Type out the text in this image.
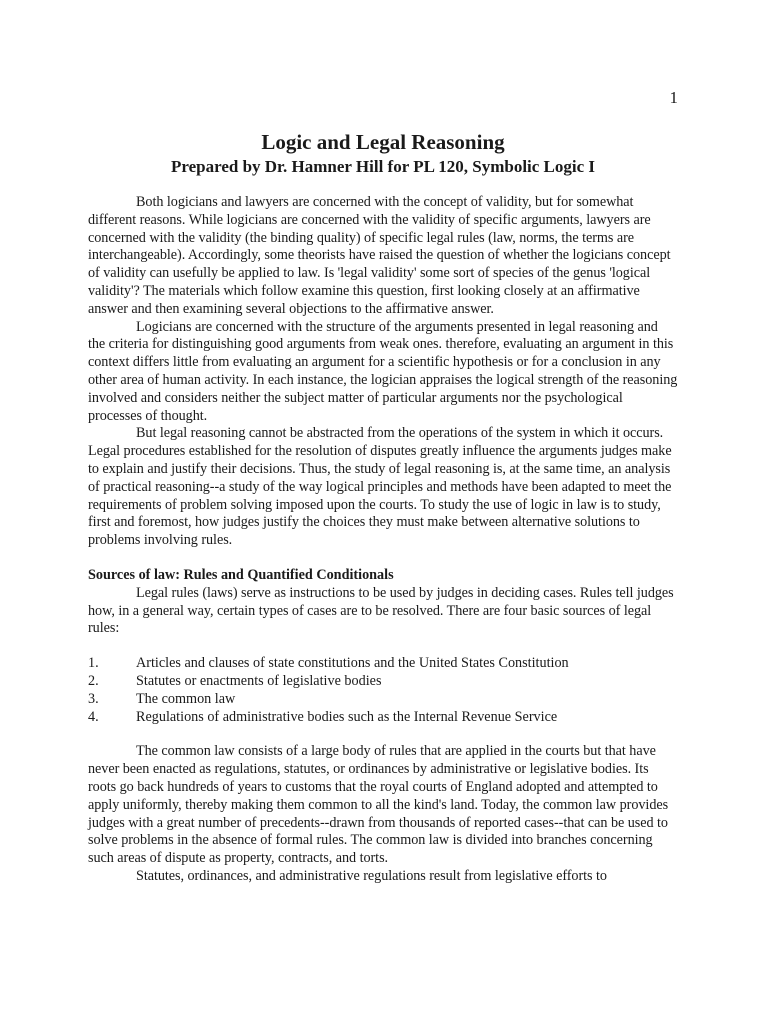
1
Logic and Legal Reasoning
Prepared by Dr. Hamner Hill for PL 120, Symbolic Logic I

Both logicians and lawyers are concerned with the concept of validity, but for somewhat different reasons. While logicians are concerned with the validity of specific arguments, lawyers are concerned with the validity (the binding quality) of specific legal rules (law, norms, the terms are interchangeable). Accordingly, some theorists have raised the question of whether the logicians concept of validity can usefully be applied to law. Is 'legal validity' some sort of species of the genus 'logical validity'? The materials which follow examine this question, first looking closely at an affirmative answer and then examining several objections to the affirmative answer.

Logicians are concerned with the structure of the arguments presented in legal reasoning and the criteria for distinguishing good arguments from weak ones. therefore, evaluating an argument in this context differs little from evaluating an argument for a scientific hypothesis or for a conclusion in any other area of human activity. In each instance, the logician appraises the logical strength of the reasoning involved and considers neither the subject matter of particular arguments nor the psychological processes of thought.

But legal reasoning cannot be abstracted from the operations of the system in which it occurs. Legal procedures established for the resolution of disputes greatly influence the arguments judges make to explain and justify their decisions. Thus, the study of legal reasoning is, at the same time, an analysis of practical reasoning--a study of the way logical principles and methods have been adapted to meet the requirements of problem solving imposed upon the courts. To study the use of logic in law is to study, first and foremost, how judges justify the choices they must make between alternative solutions to problems involving rules.

Sources of law: Rules and Quantified Conditionals

Legal rules (laws) serve as instructions to be used by judges in deciding cases. Rules tell judges how, in a general way, certain types of cases are to be resolved. There are four basic sources of legal rules:

1.	Articles and clauses of state constitutions and the United States Constitution
2.	Statutes or enactments of legislative bodies
3.	The common law
4.	Regulations of administrative bodies such as the Internal Revenue Service

The common law consists of a large body of rules that are applied in the courts but that have never been enacted as regulations, statutes, or ordinances by administrative or legislative bodies. Its roots go back hundreds of years to customs that the royal courts of England adopted and attempted to apply uniformly, thereby making them common to all the kind's land. Today, the common law provides judges with a great number of precedents--drawn from thousands of reported cases--that can be used to solve problems in the absence of formal rules. The common law is divided into branches concerning such areas of dispute as property, contracts, and torts.

Statutes, ordinances, and administrative regulations result from legislative efforts to
